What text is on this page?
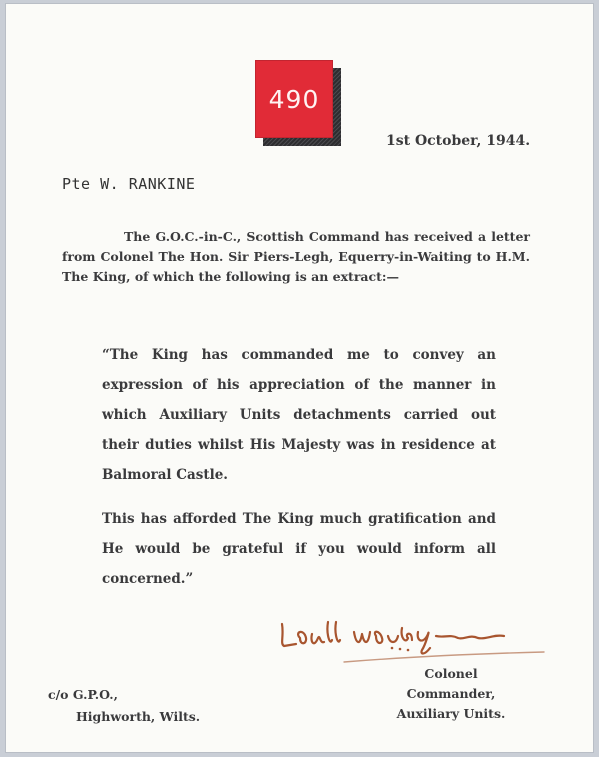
490
1st October, 1944.
Pte W. RANKINE
The G.O.C.-in-C., Scottish Command has received a letter from Colonel The Hon. Sir Piers-Legh, Equerry-in-Waiting to H.M. The King, of which the following is an extract:—
“The King has commanded me to convey an expression of his appreciation of the manner in which Auxiliary Units detachments carried out their duties whilst His Majesty was in residence at Balmoral Castle.
This has afforded The King much gratification and He would be grateful if you would inform all concerned.”
c/o G.P.O.,
Highworth, Wilts.
Colonel
Commander,
Auxiliary Units.
